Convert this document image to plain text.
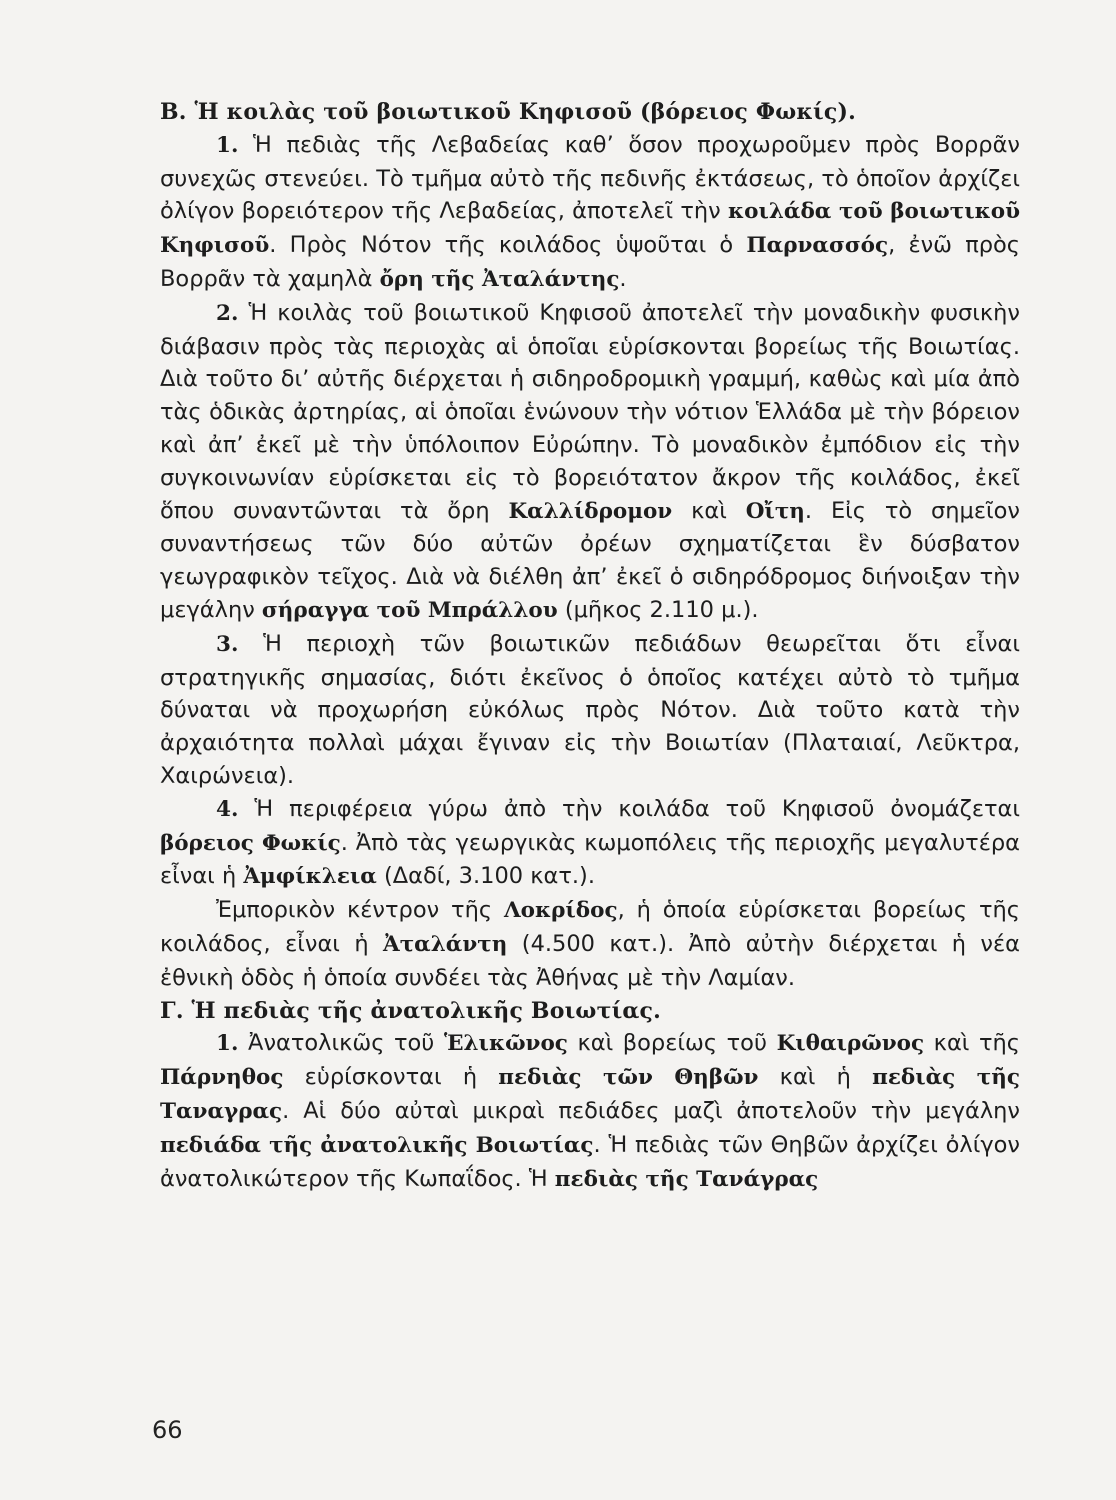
Β. Ἡ κοιλὰς τοῦ βοιωτικοῦ Κηφισοῦ (βόρειος Φωκίς).

1. Ἡ πεδιὰς τῆς Λεβαδείας καθ’ ὅσον προχωροῦμεν πρὸς Βορρᾶν συνεχῶς στενεύει. Τὸ τμῆμα αὐτὸ τῆς πεδινῆς ἐκτάσεως, τὸ ὁποῖον ἀρχίζει ὀλίγον βορειότερον τῆς Λεβαδείας, ἀποτελεῖ τὴν κοιλάδα τοῦ βοιωτικοῦ Κηφισοῦ. Πρὸς Νότον τῆς κοιλάδος ὑψοῦται ὁ Παρνασσός, ἐνῶ πρὸς Βορρᾶν τὰ χαμηλὰ ὄρη τῆς Ἀταλάντης.

2. Ἡ κοιλὰς τοῦ βοιωτικοῦ Κηφισοῦ ἀποτελεῖ τὴν μοναδικὴν φυσικὴν διάβασιν πρὸς τὰς περιοχὰς αἱ ὁποῖαι εὑρίσκονται βορείως τῆς Βοιωτίας. Διὰ τοῦτο δι’ αὐτῆς διέρχεται ἡ σιδηροδρομικὴ γραμμή, καθὼς καὶ μία ἀπὸ τὰς ὁδικὰς ἀρτηρίας, αἱ ὁποῖαι ἑνώνουν τὴν νότιον Ἑλλάδα μὲ τὴν βόρειον καὶ ἀπ’ ἐκεῖ μὲ τὴν ὑπόλοιπον Εὐρώπην. Τὸ μοναδικὸν ἐμπόδιον εἰς τὴν συγκοινωνίαν εὑρίσκεται εἰς τὸ βορειότατον ἄκρον τῆς κοιλάδος, ἐκεῖ ὅπου συναντῶνται τὰ ὄρη Καλλίδρομον καὶ Οἴτη. Εἰς τὸ σημεῖον συναντήσεως τῶν δύο αὐτῶν ὀρέων σχηματίζεται ἓν δύσβατον γεωγραφικὸν τεῖχος. Διὰ νὰ διέλθη ἀπ’ ἐκεῖ ὁ σιδηρόδρομος διήνοιξαν τὴν μεγάλην σήραγγα τοῦ Μπράλλου (μῆκος 2.110 μ.).

3. Ἡ περιοχὴ τῶν βοιωτικῶν πεδιάδων θεωρεῖται ὅτι εἶναι στρατηγικῆς σημασίας, διότι ἐκεῖνος ὁ ὁποῖος κατέχει αὐτὸ τὸ τμῆμα δύναται νὰ προχωρήση εὐκόλως πρὸς Νότον. Διὰ τοῦτο κατὰ τὴν ἀρχαιότητα πολλαὶ μάχαι ἔγιναν εἰς τὴν Βοιωτίαν (Πλαταιαί, Λεῦκτρα, Χαιρώνεια).

4. Ἡ περιφέρεια γύρω ἀπὸ τὴν κοιλάδα τοῦ Κηφισοῦ ὀνομάζεται βόρειος Φωκίς. Ἀπὸ τὰς γεωργικὰς κωμοπόλεις τῆς περιοχῆς μεγαλυτέρα εἶναι ἡ Ἀμφίκλεια (Δαδί, 3.100 κατ.).

Ἐμπορικὸν κέντρον τῆς Λοκρίδος, ἡ ὁποία εὑρίσκεται βορείως τῆς κοιλάδος, εἶναι ἡ Ἀταλάντη (4.500 κατ.). Ἀπὸ αὐτὴν διέρχεται ἡ νέα ἐθνικὴ ὁδὸς ἡ ὁποία συνδέει τὰς Ἀθήνας μὲ τὴν Λαμίαν.

Γ. Ἡ πεδιὰς τῆς ἀνατολικῆς Βοιωτίας.

1. Ἀνατολικῶς τοῦ Ἑλικῶνος καὶ βορείως τοῦ Κιθαιρῶνος καὶ τῆς Πάρνηθος εὑρίσκονται ἡ πεδιὰς τῶν Θηβῶν καὶ ἡ πεδιὰς τῆς Ταναγρας. Αἱ δύο αὐταὶ μικραὶ πεδιάδες μαζὶ ἀποτελοῦν τὴν μεγάλην πεδιάδα τῆς ἀνατολικῆς Βοιωτίας. Ἡ πεδιὰς τῶν Θηβῶν ἀρχίζει ὀλίγον ἀνατολικώτερον τῆς Κωπαΐδος. Ἡ πεδιὰς τῆς Τανάγρας

66
